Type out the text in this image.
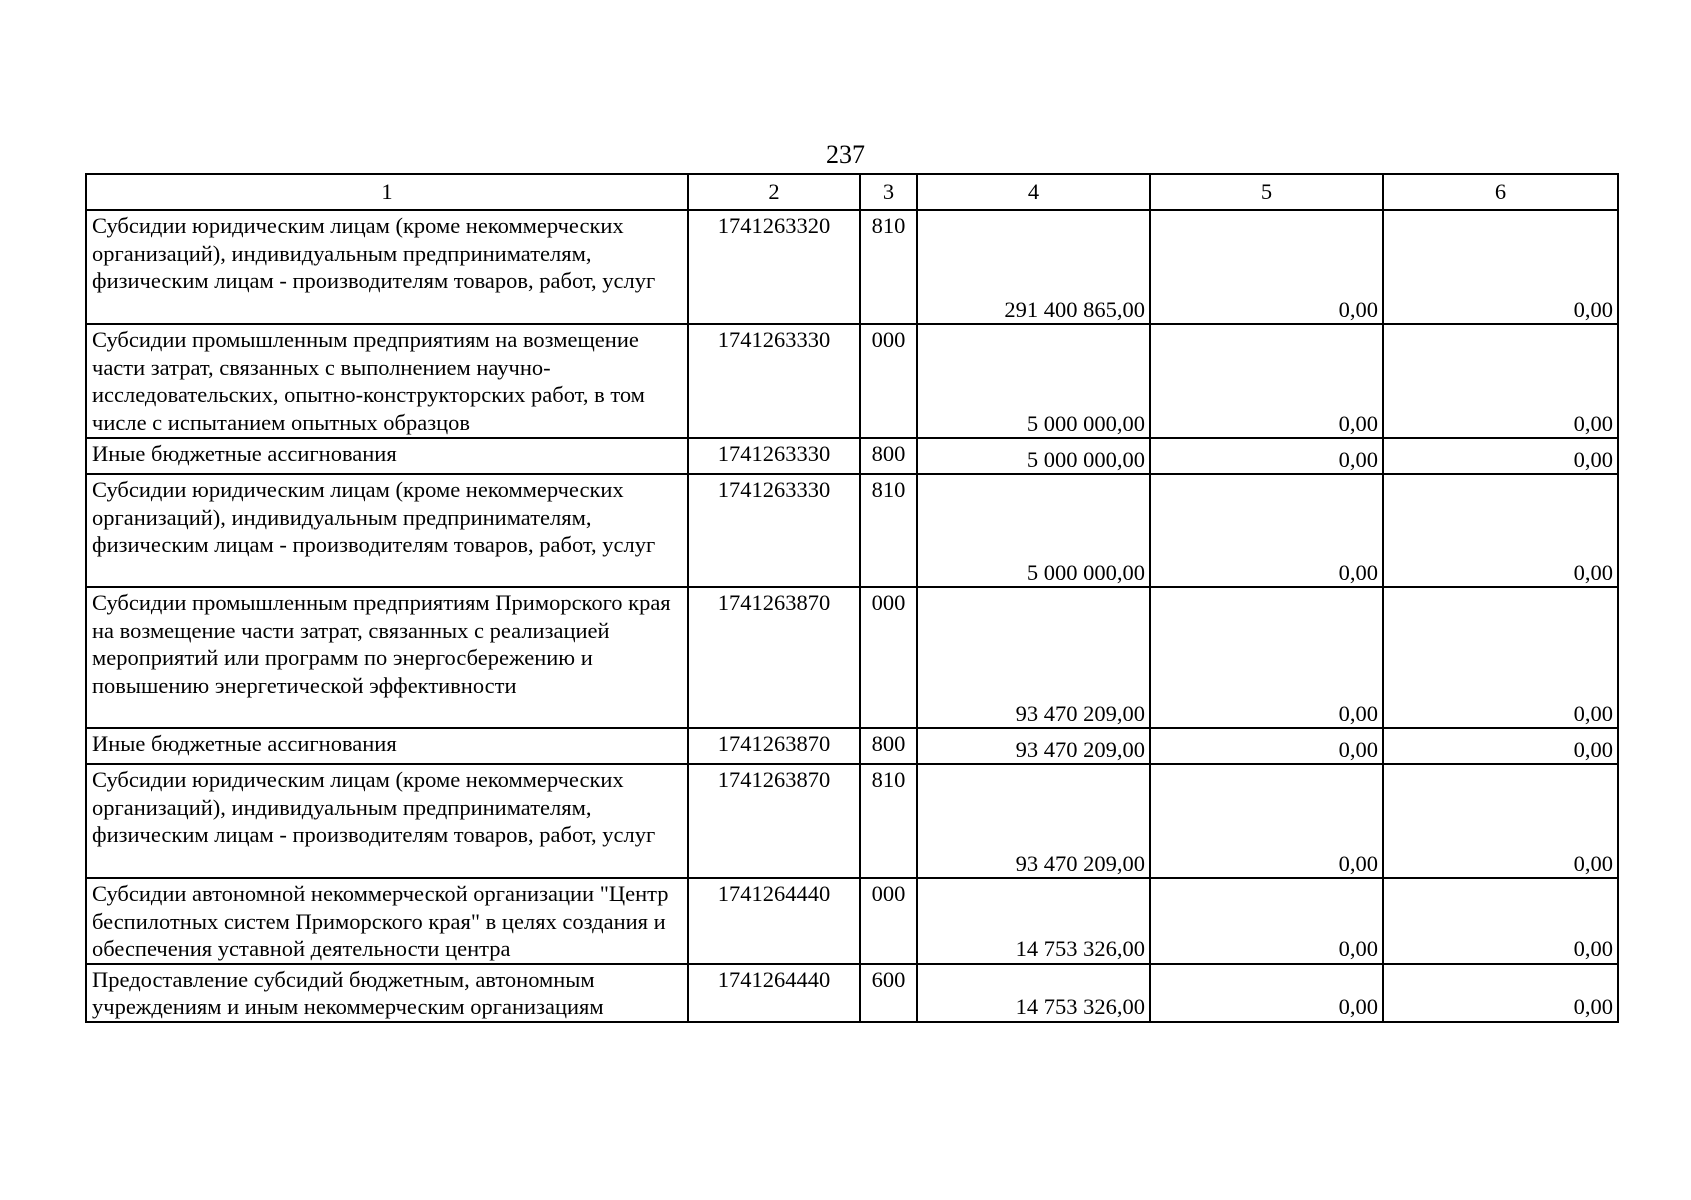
237
1	2	3	4	5	6
Субсидии юридическим лицам (кроме некоммерческих организаций), индивидуальным предпринимателям, физическим лицам - производителям товаров, работ, услуг	1741263320	810	291 400 865,00	0,00	0,00
Субсидии промышленным предприятиям на возмещение части затрат, связанных с выполнением научно-исследовательских, опытно-конструкторских работ, в том числе с испытанием опытных образцов	1741263330	000	5 000 000,00	0,00	0,00
Иные бюджетные ассигнования	1741263330	800	5 000 000,00	0,00	0,00
Субсидии юридическим лицам (кроме некоммерческих организаций), индивидуальным предпринимателям, физическим лицам - производителям товаров, работ, услуг	1741263330	810	5 000 000,00	0,00	0,00
Субсидии промышленным предприятиям Приморского края на возмещение части затрат, связанных с реализацией мероприятий или программ по энергосбережению и повышению энергетической эффективности	1741263870	000	93 470 209,00	0,00	0,00
Иные бюджетные ассигнования	1741263870	800	93 470 209,00	0,00	0,00
Субсидии юридическим лицам (кроме некоммерческих организаций), индивидуальным предпринимателям, физическим лицам - производителям товаров, работ, услуг	1741263870	810	93 470 209,00	0,00	0,00
Субсидии автономной некоммерческой организации "Центр беспилотных систем Приморского края" в целях создания и обеспечения уставной деятельности центра	1741264440	000	14 753 326,00	0,00	0,00
Предоставление субсидий бюджетным, автономным учреждениям и иным некоммерческим организациям	1741264440	600	14 753 326,00	0,00	0,00
